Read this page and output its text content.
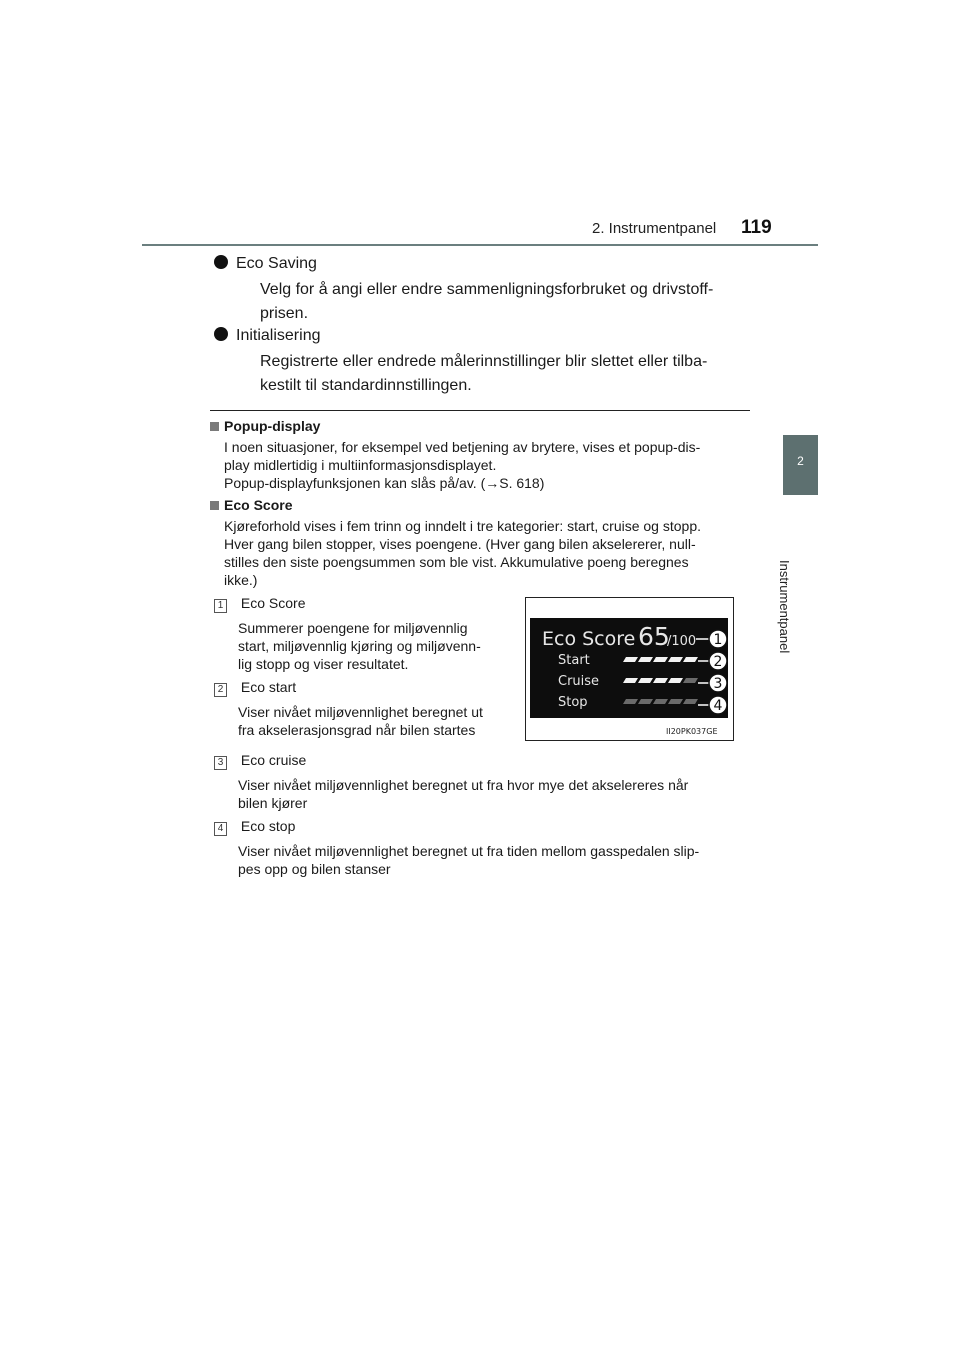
2. Instrumentpanel 119
2
Instrumentpanel
Eco Saving
Velg for å angi eller endre sammenligningsforbruket og drivstoff-
prisen.
Initialisering
Registrerte eller endrede målerinnstillinger blir slettet eller tilba-
kestilt til standardinnstillingen.
Popup-display
I noen situasjoner, for eksempel ved betjening av brytere, vises et popup-dis-
play midlertidig i multiinformasjonsdisplayet.
Popup-displayfunksjonen kan slås på/av. (→S. 618)
Eco Score
Kjøreforhold vises i fem trinn og inndelt i tre kategorier: start, cruise og stopp.
Hver gang bilen stopper, vises poengene. (Hver gang bilen akselererer, null-
stilles den siste poengsummen som ble vist. Akkumulative poeng beregnes
ikke.)
1 Eco Score
Summerer poengene for miljøvennlig
start, miljøvennlig kjøring og miljøvenn-
lig stopp og viser resultatet.
2 Eco start
Viser nivået miljøvennlighet beregnet ut
fra akselerasjonsgrad når bilen startes
3 Eco cruise
Viser nivået miljøvennlighet beregnet ut fra hvor mye det akselereres når
bilen kjører
4 Eco stop
Viser nivået miljøvennlighet beregnet ut fra tiden mellom gasspedalen slip-
pes opp og bilen stanser
Eco Score 65
/100
Start
Cruise
Stop
1
2
3
4
II20PK037GE
